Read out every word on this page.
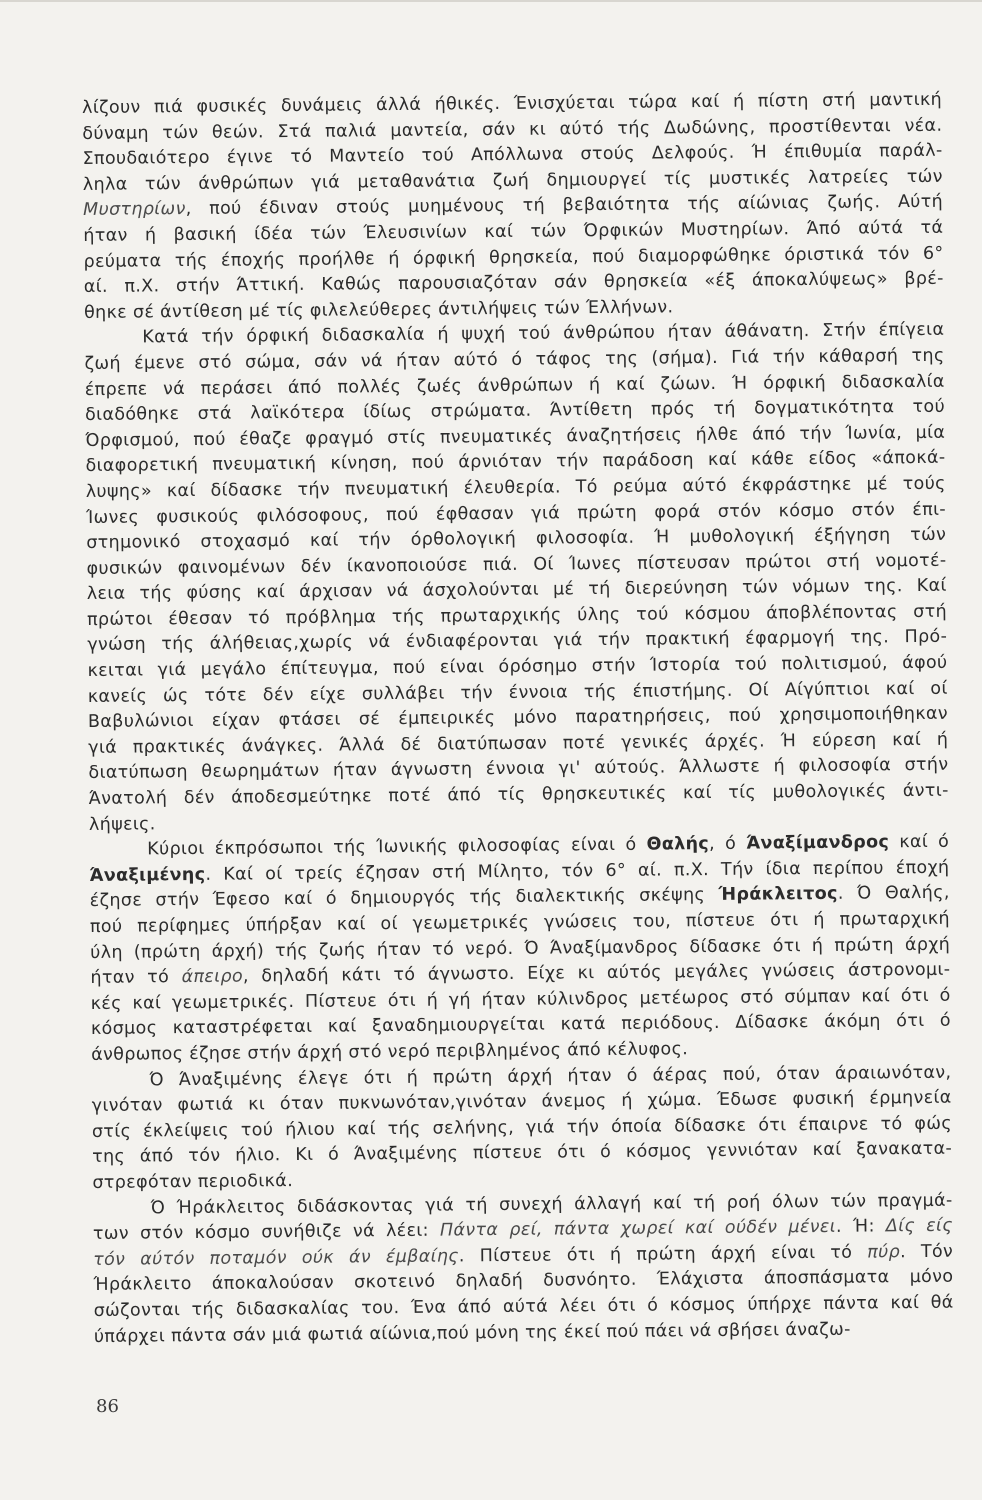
λίζουν πιά φυσικές δυνάμεις άλλά ήθικές. Ένισχύεται τώρα καί ή πίστη στή μαντική
δύναμη τών θεών. Στά παλιά μαντεία, σάν κι αύτό τής Δωδώνης, προστίθενται νέα.
Σπουδαιότερο έγινε τό Μαντείο τού Απόλλωνα στούς Δελφούς. Ή έπιθυμία παράλ-
ληλα τών άνθρώπων γιά μεταθανάτια ζωή δημιουργεί τίς μυστικές λατρείες τών
Μυστηρίων, πού έδιναν στούς μυημένους τή βεβαιότητα τής αίώνιας ζωής. Αύτή
ήταν ή βασική ίδέα τών Έλευσινίων καί τών Όρφικών Μυστηρίων. Άπό αύτά τά
ρεύματα τής έποχής προήλθε ή όρφική θρησκεία, πού διαμορφώθηκε όριστικά τόν 6°
αί. π.Χ. στήν Άττική. Καθώς παρουσιαζόταν σάν θρησκεία «έξ άποκαλύψεως» βρέ-
θηκε σέ άντίθεση μέ τίς φιλελεύθερες άντιλήψεις τών Έλλήνων.
Κατά τήν όρφική διδασκαλία ή ψυχή τού άνθρώπου ήταν άθάνατη. Στήν έπίγεια
ζωή έμενε στό σώμα, σάν νά ήταν αύτό ό τάφος της (σήμα). Γιά τήν κάθαρσή της
έπρεπε νά περάσει άπό πολλές ζωές άνθρώπων ή καί ζώων. Ή όρφική διδασκαλία
διαδόθηκε στά λαϊκότερα ίδίως στρώματα. Άντίθετη πρός τή δογματικότητα τού
Όρφισμού, πού έθαζε φραγμό στίς πνευματικές άναζητήσεις ήλθε άπό τήν Ίωνία, μία
διαφορετική πνευματική κίνηση, πού άρνιόταν τήν παράδοση καί κάθε είδος «άποκά-
λυψης» καί δίδασκε τήν πνευματική έλευθερία. Τό ρεύμα αύτό έκφράστηκε μέ τούς
Ίωνες φυσικούς φιλόσοφους, πού έφθασαν γιά πρώτη φορά στόν κόσμο στόν έπι-
στημονικό στοχασμό καί τήν όρθολογική φιλοσοφία. Ή μυθολογική έξήγηση τών
φυσικών φαινομένων δέν ίκανοποιούσε πιά. Οί Ίωνες πίστευσαν πρώτοι στή νομοτέ-
λεια τής φύσης καί άρχισαν νά άσχολούνται μέ τή διερεύνηση τών νόμων της. Καί
πρώτοι έθεσαν τό πρόβλημα τής πρωταρχικής ύλης τού κόσμου άποβλέποντας στή
γνώση τής άλήθειας,χωρίς νά ένδιαφέρονται γιά τήν πρακτική έφαρμογή της. Πρό-
κειται γιά μεγάλο έπίτευγμα, πού είναι όρόσημο στήν Ίστορία τού πολιτισμού, άφού
κανείς ώς τότε δέν είχε συλλάβει τήν έννοια τής έπιστήμης. Οί Αίγύπτιοι καί οί
Βαβυλώνιοι είχαν φτάσει σέ έμπειρικές μόνο παρατηρήσεις, πού χρησιμοποιήθηκαν
γιά πρακτικές άνάγκες. Άλλά δέ διατύπωσαν ποτέ γενικές άρχές. Ή εύρεση καί ή
διατύπωση θεωρημάτων ήταν άγνωστη έννοια γι' αύτούς. Άλλωστε ή φιλοσοφία στήν
Άνατολή δέν άποδεσμεύτηκε ποτέ άπό τίς θρησκευτικές καί τίς μυθολογικές άντι-
λήψεις.
Κύριοι έκπρόσωποι τής Ίωνικής φιλοσοφίας είναι ό Θαλής, ό Άναξίμανδρος καί ό
Άναξιμένης. Καί οί τρείς έζησαν στή Μίλητο, τόν 6° αί. π.Χ. Τήν ίδια περίπου έποχή
έζησε στήν Έφεσο καί ό δημιουργός τής διαλεκτικής σκέψης Ήράκλειτος. Ό Θαλής,
πού περίφημες ύπήρξαν καί οί γεωμετρικές γνώσεις του, πίστευε ότι ή πρωταρχική
ύλη (πρώτη άρχή) τής ζωής ήταν τό νερό. Ό Άναξίμανδρος δίδασκε ότι ή πρώτη άρχή
ήταν τό άπειρο, δηλαδή κάτι τό άγνωστο. Είχε κι αύτός μεγάλες γνώσεις άστρονομι-
κές καί γεωμετρικές. Πίστευε ότι ή γή ήταν κύλινδρος μετέωρος στό σύμπαν καί ότι ό
κόσμος καταστρέφεται καί ξαναδημιουργείται κατά περιόδους. Δίδασκε άκόμη ότι ό
άνθρωπος έζησε στήν άρχή στό νερό περιβλημένος άπό κέλυφος.
Ό Άναξιμένης έλεγε ότι ή πρώτη άρχή ήταν ό άέρας πού, όταν άραιωνόταν,
γινόταν φωτιά κι όταν πυκνωνόταν,γινόταν άνεμος ή χώμα. Έδωσε φυσική έρμηνεία
στίς έκλείψεις τού ήλιου καί τής σελήνης, γιά τήν όποία δίδασκε ότι έπαιρνε τό φώς
της άπό τόν ήλιο. Κι ό Άναξιμένης πίστευε ότι ό κόσμος γεννιόταν καί ξανακατα-
στρεφόταν περιοδικά.
Ό Ήράκλειτος διδάσκοντας γιά τή συνεχή άλλαγή καί τή ροή όλων τών πραγμά-
των στόν κόσμο συνήθιζε νά λέει: Πάντα ρεί, πάντα χωρεί καί ούδέν μένει. Ή: Δίς είς
τόν αύτόν ποταμόν ούκ άν έμβαίης. Πίστευε ότι ή πρώτη άρχή είναι τό πύρ. Τόν
Ήράκλειτο άποκαλούσαν σκοτεινό δηλαδή δυσνόητο. Έλάχιστα άποσπάσματα μόνο
σώζονται τής διδασκαλίας του. Ένα άπό αύτά λέει ότι ό κόσμος ύπήρχε πάντα καί θά
ύπάρχει πάντα σάν μιά φωτιά αίώνια,πού μόνη της έκεί πού πάει νά σβήσει άναζω-
86
